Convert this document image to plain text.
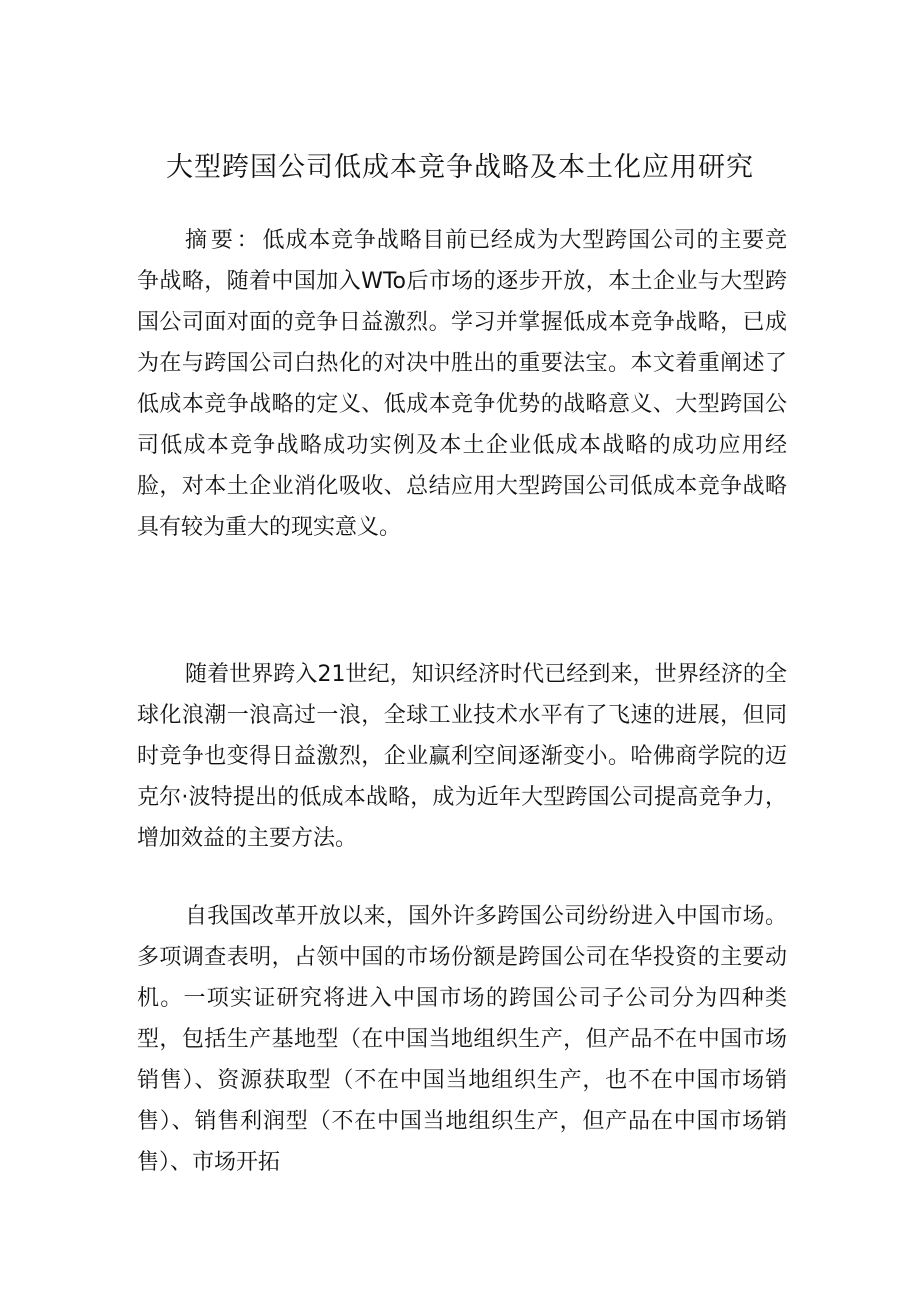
大型跨国公司低成本竞争战略及本土化应用研究

摘要：低成本竞争战略目前已经成为大型跨国公司的主要竞争战略，随着中国加入WTo后市场的逐步开放，本土企业与大型跨国公司面对面的竞争日益激烈。学习并掌握低成本竞争战略，已成为在与跨国公司白热化的对决中胜出的重要法宝。本文着重阐述了低成本竞争战略的定义、低成本竞争优势的战略意义、大型跨国公司低成本竞争战略成功实例及本土企业低成本战略的成功应用经脸，对本土企业消化吸收、总结应用大型跨国公司低成本竞争战略具有较为重大的现实意义。

随着世界跨入21世纪，知识经济时代已经到来，世界经济的全球化浪潮一浪高过一浪，全球工业技术水平有了飞速的进展，但同时竞争也变得日益激烈，企业赢利空间逐渐变小。哈佛商学院的迈克尔·波特提出的低成本战略，成为近年大型跨国公司提高竞争力，增加效益的主要方法。

自我国改革开放以来，国外许多跨国公司纷纷进入中国市场。多项调查表明，占领中国的市场份额是跨国公司在华投资的主要动机。一项实证研究将进入中国市场的跨国公司子公司分为四种类型，包括生产基地型（在中国当地组织生产，但产品不在中国市场销售）、资源获取型（不在中国当地组织生产，也不在中国市场销售）、销售利润型（不在中国当地组织生产，但产品在中国市场销售）、市场开拓
